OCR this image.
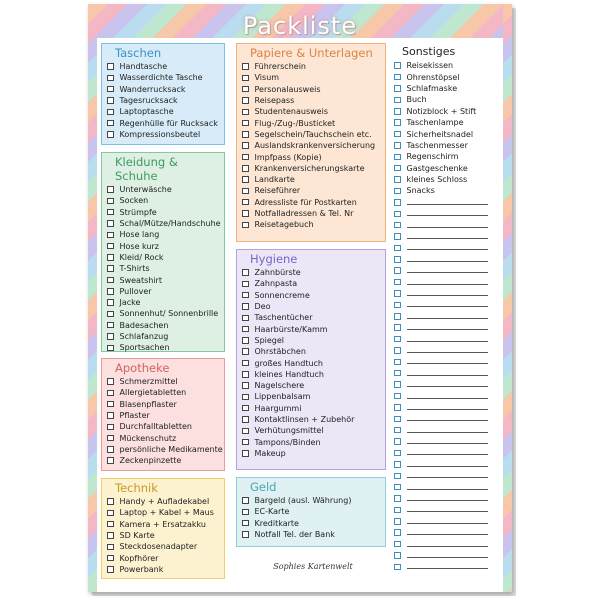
Packliste
Taschen
Handtasche
Wasserdichte Tasche
Wanderrucksack
Tagesrucksack
Laptoptasche
Regenhülle für Rucksack
Kompressionsbeutel
Kleidung & Schuhe
Unterwäsche
Socken
Strümpfe
Schal/Mütze/Handschuhe
Hose lang
Hose kurz
Kleid/ Rock
T-Shirts
Sweatshirt
Pullover
Jacke
Sonnenhut/ Sonnenbrille
Badesachen
Schlafanzug
Sportsachen
Apotheke
Schmerzmittel
Allergietabletten
Blasenpflaster
Pflaster
Durchfalltabletten
Mückenschutz
persönliche Medikamente
Zeckenpinzette
Technik
Handy + Aufladekabel
Laptop + Kabel + Maus
Kamera + Ersatzakku
SD Karte
Steckdosenadapter
Kopfhörer
Powerbank
Papiere & Unterlagen
Führerschein
Visum
Personalausweis
Reisepass
Studentenausweis
Flug-/Zug-/Busticket
Segelschein/Tauchschein etc.
Auslandskrankenversicherung
Impfpass (Kopie)
Krankenversicherungskarte
Landkarte
Reiseführer
Adressliste für Postkarten
Notfalladressen & Tel. Nr
Reisetagebuch
Hygiene
Zahnbürste
Zahnpasta
Sonnencreme
Deo
Taschentücher
Haarbürste/Kamm
Spiegel
Ohrstäbchen
großes Handtuch
kleines Handtuch
Nagelschere
Lippenbalsam
Haargummi
Kontaktlinsen + Zubehör
Verhütungsmittel
Tampons/Binden
Makeup
Geld
Bargeld (ausl. Währung)
EC-Karte
Kreditkarte
Notfall Tel. der Bank
Sonstiges
Reisekissen
Ohrenstöpsel
Schlafmaske
Buch
Notizblock + Stift
Taschenlampe
Sicherheitsnadel
Taschenmesser
Regenschirm
Gastgeschenke
kleines Schloss
Snacks
Sophies Kartenwelt
